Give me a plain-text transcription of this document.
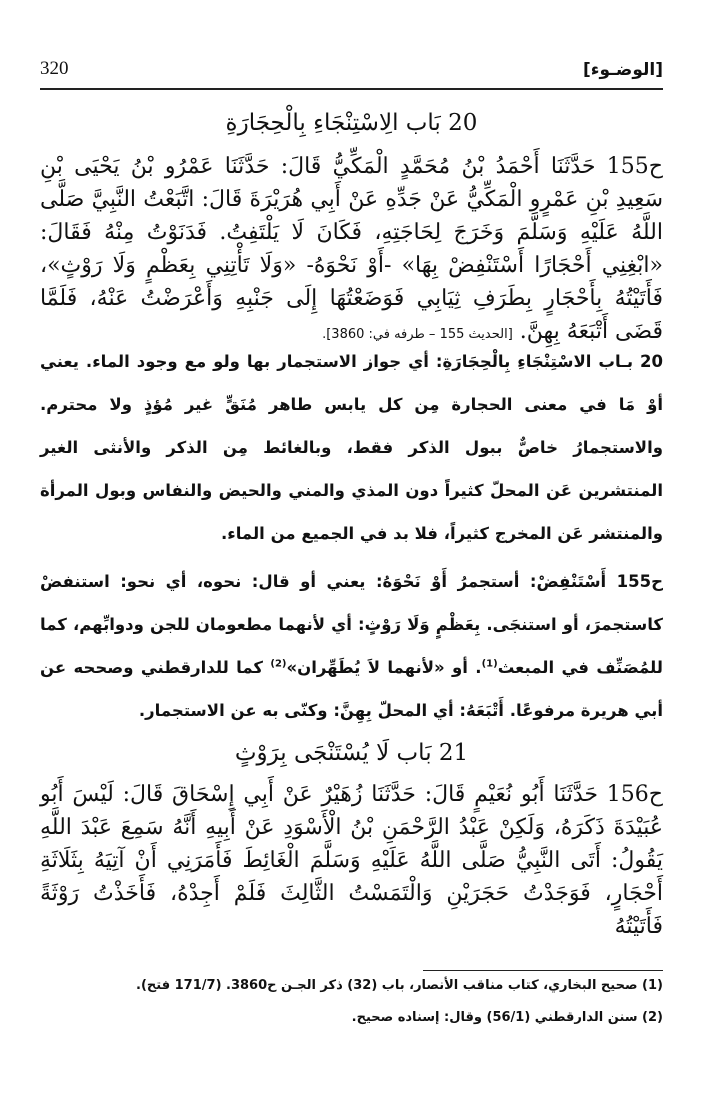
320	[الوضـوء]
20 بَاب الِاسْتِنْجَاءِ بِالْحِجَارَةِ
ح155 حَدَّثَنَا أَحْمَدُ بْنُ مُحَمَّدٍ الْمَكِّيُّ قَالَ: حَدَّثَنَا عَمْرُو بْنُ يَحْيَى بْنِ سَعِيدِ بْنِ عَمْرٍو الْمَكِّيُّ عَنْ جَدِّهِ عَنْ أَبِي هُرَيْرَةَ قَالَ: اتَّبَعْتُ النَّبِيَّ صَلَّى اللَّهُ عَلَيْهِ وَسَلَّمَ وَخَرَجَ لِحَاجَتِهِ، فَكَانَ لَا يَلْتَفِتُ. فَدَنَوْتُ مِنْهُ فَقَالَ: «ابْغِنِي أَحْجَارًا أَسْتَنْفِضْ بِهَا» -أَوْ نَحْوَهُ- «وَلَا تَأْتِنِي بِعَظْمٍ وَلَا رَوْثٍ»، فَأَتَيْتُهُ بِأَحْجَارٍ بِطَرَفِ ثِيَابِي فَوَضَعْتُهَا إِلَى جَنْبِهِ وَأَعْرَضْتُ عَنْهُ، فَلَمَّا قَضَى أَتْبَعَهُ بِهِنَّ. [الحديث 155 – طرفه في: 3860].
20 بـاب الاسْتِنْجَاءِ بِالْحِجَارَةِ: أي جواز الاستجمار بها ولو مع وجود الماء. يعني أوْ مَا في معنى الحجارة مِن كل يابس طاهر مُنَقٍّ غير مُؤذٍ ولا محترم. والاستجمارُ خاصٌّ ببول الذكر فقط، وبالغائط مِن الذكر والأنثى الغير المنتشرين عَن المحلّ كثيراً دون المذي والمني والحيض والنفاس وبول المرأة والمنتشر عَن المخرج كثيراً، فلا بد في الجميع من الماء.
ح155 أَسْتَنْفِضْ: أستجمرُ أَوْ نَحْوَهُ: يعني أو قال: نحوه، أي نحو: استنفضْ كاستجمرَ، أو استنجَى. بِعَظْمٍ وَلَا رَوْثٍ: أي لأنهما مطعومان للجن ودوابِّهم، كما للمُصَنِّف في المبعث$^{(1)}$. أو «لأنهما لاَ يُطَهِّران»$^{(2)}$ كما للدارقطني وصححه عن أبي هريرة مرفوعًا. أَتْبَعَهُ: أي المحلّ بِهِنَّ: وكنّى به عن الاستجمار.
21 بَاب لَا يُسْتَنْجَى بِرَوْثٍ
ح156 حَدَّثَنَا أَبُو نُعَيْمٍ قَالَ: حَدَّثَنَا زُهَيْرٌ عَنْ أَبِي إِسْحَاقَ قَالَ: لَيْسَ أَبُو عُبَيْدَةَ ذَكَرَهُ، وَلَكِنْ عَبْدُ الرَّحْمَنِ بْنُ الْأَسْوَدِ عَنْ أَبِيهِ أَنَّهُ سَمِعَ عَبْدَ اللَّهِ يَقُولُ: أَتَى النَّبِيُّ صَلَّى اللَّهُ عَلَيْهِ وَسَلَّمَ الْغَائِطَ فَأَمَرَنِي أَنْ آتِيَهُ بِثَلَاثَةِ أَحْجَارٍ، فَوَجَدْتُ حَجَرَيْنِ وَالْتَمَسْتُ الثَّالِثَ فَلَمْ أَجِدْهُ، فَأَخَذْتُ رَوْثَةً فَأَتَيْتُهُ
(1) صحيح البخاري، كتاب مناقب الأنصار، باب (32) ذكر الجـن ح3860. (171/7 فتح).
(2) سنن الدارقطني (56/1) وقال: إسناده صحيح.
